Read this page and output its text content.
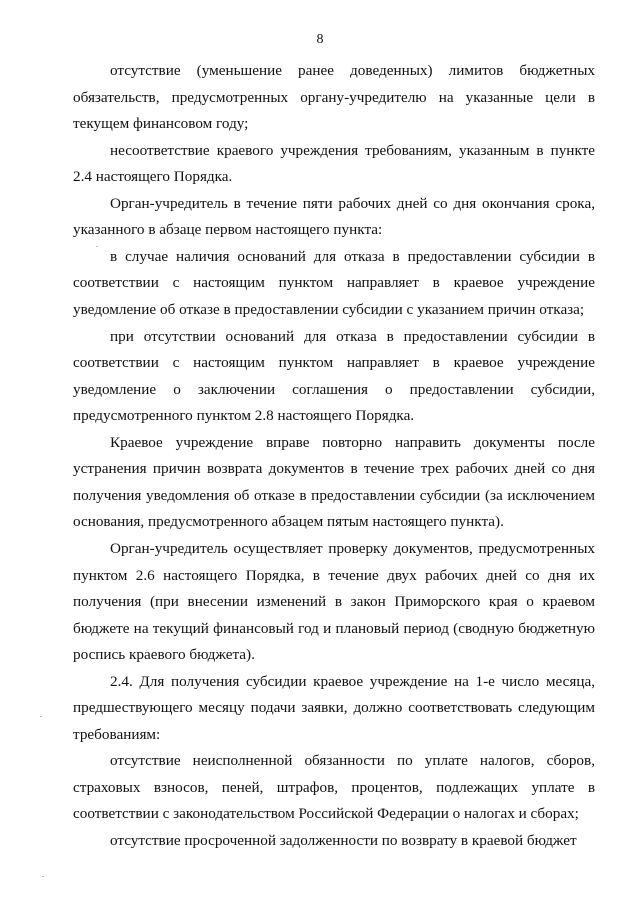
8
отсутствие (уменьшение ранее доведенных) лимитов бюджетных
обязательств, предусмотренных органу-учредителю на указанные цели в
текущем финансовом году;
несоответствие краевого учреждения требованиям, указанным в пункте
2.4 настоящего Порядка.
Орган-учредитель в течение пяти рабочих дней со дня окончания срока,
указанного в абзаце первом настоящего пункта:
в случае наличия оснований для отказа в предоставлении субсидии в
соответствии с настоящим пунктом направляет в краевое учреждение
уведомление об отказе в предоставлении субсидии с указанием причин отказа;
при отсутствии оснований для отказа в предоставлении субсидии в
соответствии с настоящим пунктом направляет в краевое учреждение
уведомление о заключении соглашения о предоставлении субсидии,
предусмотренного пунктом 2.8 настоящего Порядка.
Краевое учреждение вправе повторно направить документы после
устранения причин возврата документов в течение трех рабочих дней со дня
получения уведомления об отказе в предоставлении субсидии (за исключением
основания, предусмотренного абзацем пятым настоящего пункта).
Орган-учредитель осуществляет проверку документов, предусмотренных
пунктом 2.6 настоящего Порядка, в течение двух рабочих дней со дня их
получения (при внесении изменений в закон Приморского края о краевом
бюджете на текущий финансовый год и плановый период (сводную бюджетную
роспись краевого бюджета).
2.4. Для получения субсидии краевое учреждение на 1-е число месяца,
предшествующего месяцу подачи заявки, должно соответствовать следующим
требованиям:
отсутствие неисполненной обязанности по уплате налогов, сборов,
страховых взносов, пеней, штрафов, процентов, подлежащих уплате в
соответствии с законодательством Российской Федерации о налогах и сборах;
отсутствие просроченной задолженности по возврату в краевой бюджет
